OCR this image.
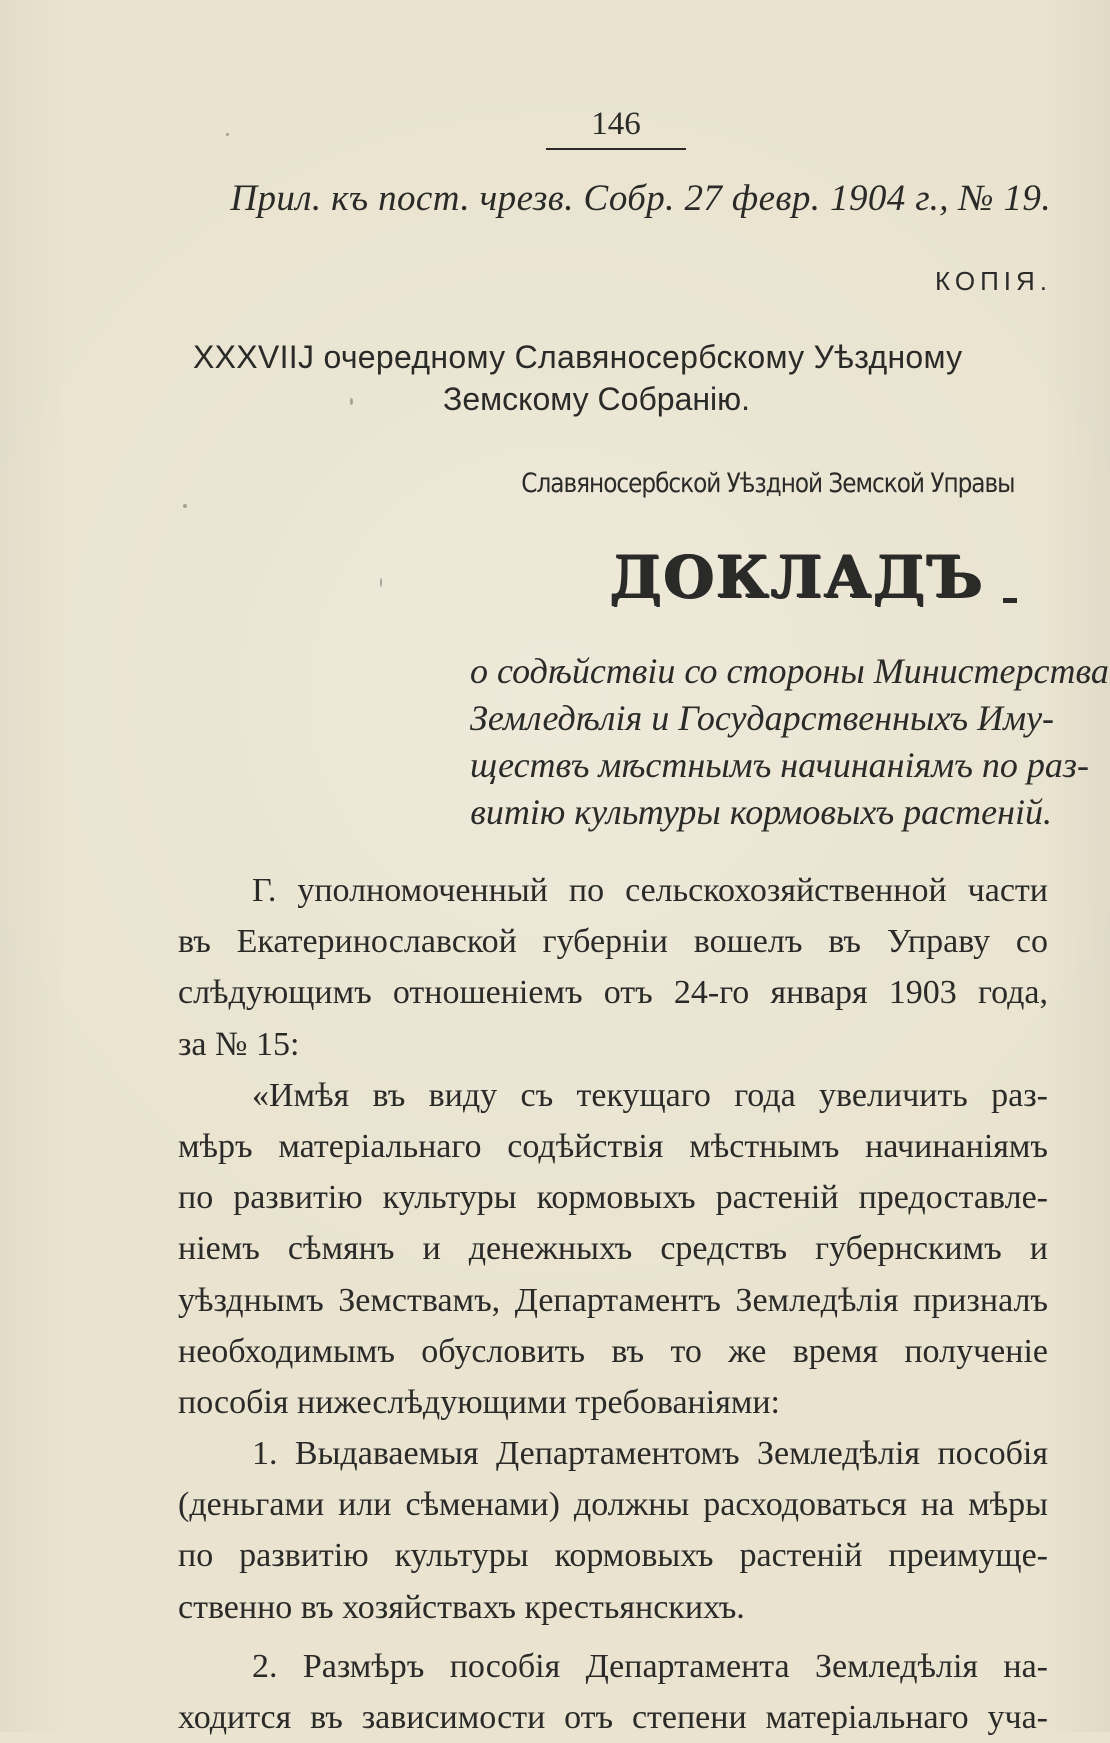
146
Прил. къ пост. чрезв. Собр. 27 февр. 1904 г., № 19.
КОПІЯ.
XXXVIIJ очередному Славяносербскому Уѣздному
Земскому Собранію.
Славяносербской Уѣздной Земской Управы
ДОКЛАДЪ
о содѣйствіи со стороны Министерства
Земледѣлія и Государственныхъ Иму-
ществъ мѣстнымъ начинаніямъ по раз-
витію культуры кормовыхъ растеній.
Г. уполномоченный по сельскохозяйственной части
въ Екатеринославской губерніи вошелъ въ Управу со
слѣдующимъ отношеніемъ отъ 24-го января 1903 года,
за № 15:
«Имѣя въ виду съ текущаго года увеличить раз-
мѣръ матеріальнаго содѣйствія мѣстнымъ начинаніямъ
по развитію культуры кормовыхъ растеній предоставле-
ніемъ сѣмянъ и денежныхъ средствъ губернскимъ и
уѣзднымъ Земствамъ, Департаментъ Земледѣлія призналъ
необходимымъ обусловить въ то же время полученіе
пособія нижеслѣдующими требованіями:
1. Выдаваемыя Департаментомъ Земледѣлія пособія
(деньгами или сѣменами) должны расходоваться на мѣры
по развитію культуры кормовыхъ растеній преимуще-
ственно въ хозяйствахъ крестьянскихъ.
2. Размѣръ пособія Департамента Земледѣлія на-
ходится въ зависимости отъ степени матеріальнаго уча-
